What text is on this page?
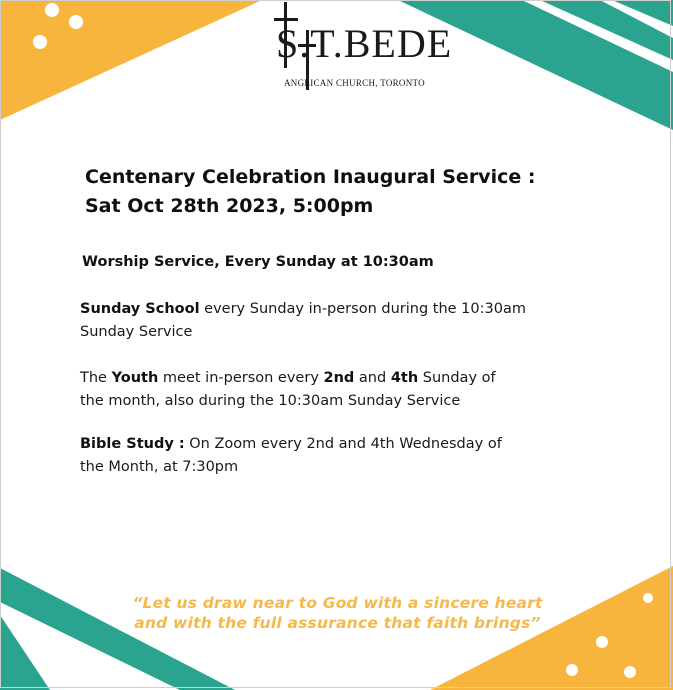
S.T.BEDE
ANGLICAN CHURCH, TORONTO
Centenary Celebration Inaugural Service :
Sat Oct 28th 2023, 5:00pm
Worship Service, Every Sunday at 10:30am
Sunday School every Sunday in-person during the 10:30am
Sunday Service
The Youth meet in-person every 2nd and 4th Sunday of
the month, also during the 10:30am Sunday Service
Bible Study : On Zoom every 2nd and 4th Wednesday of
the Month, at 7:30pm
“Let us draw near to God with a sincere heart
and with the full assurance that faith brings”
